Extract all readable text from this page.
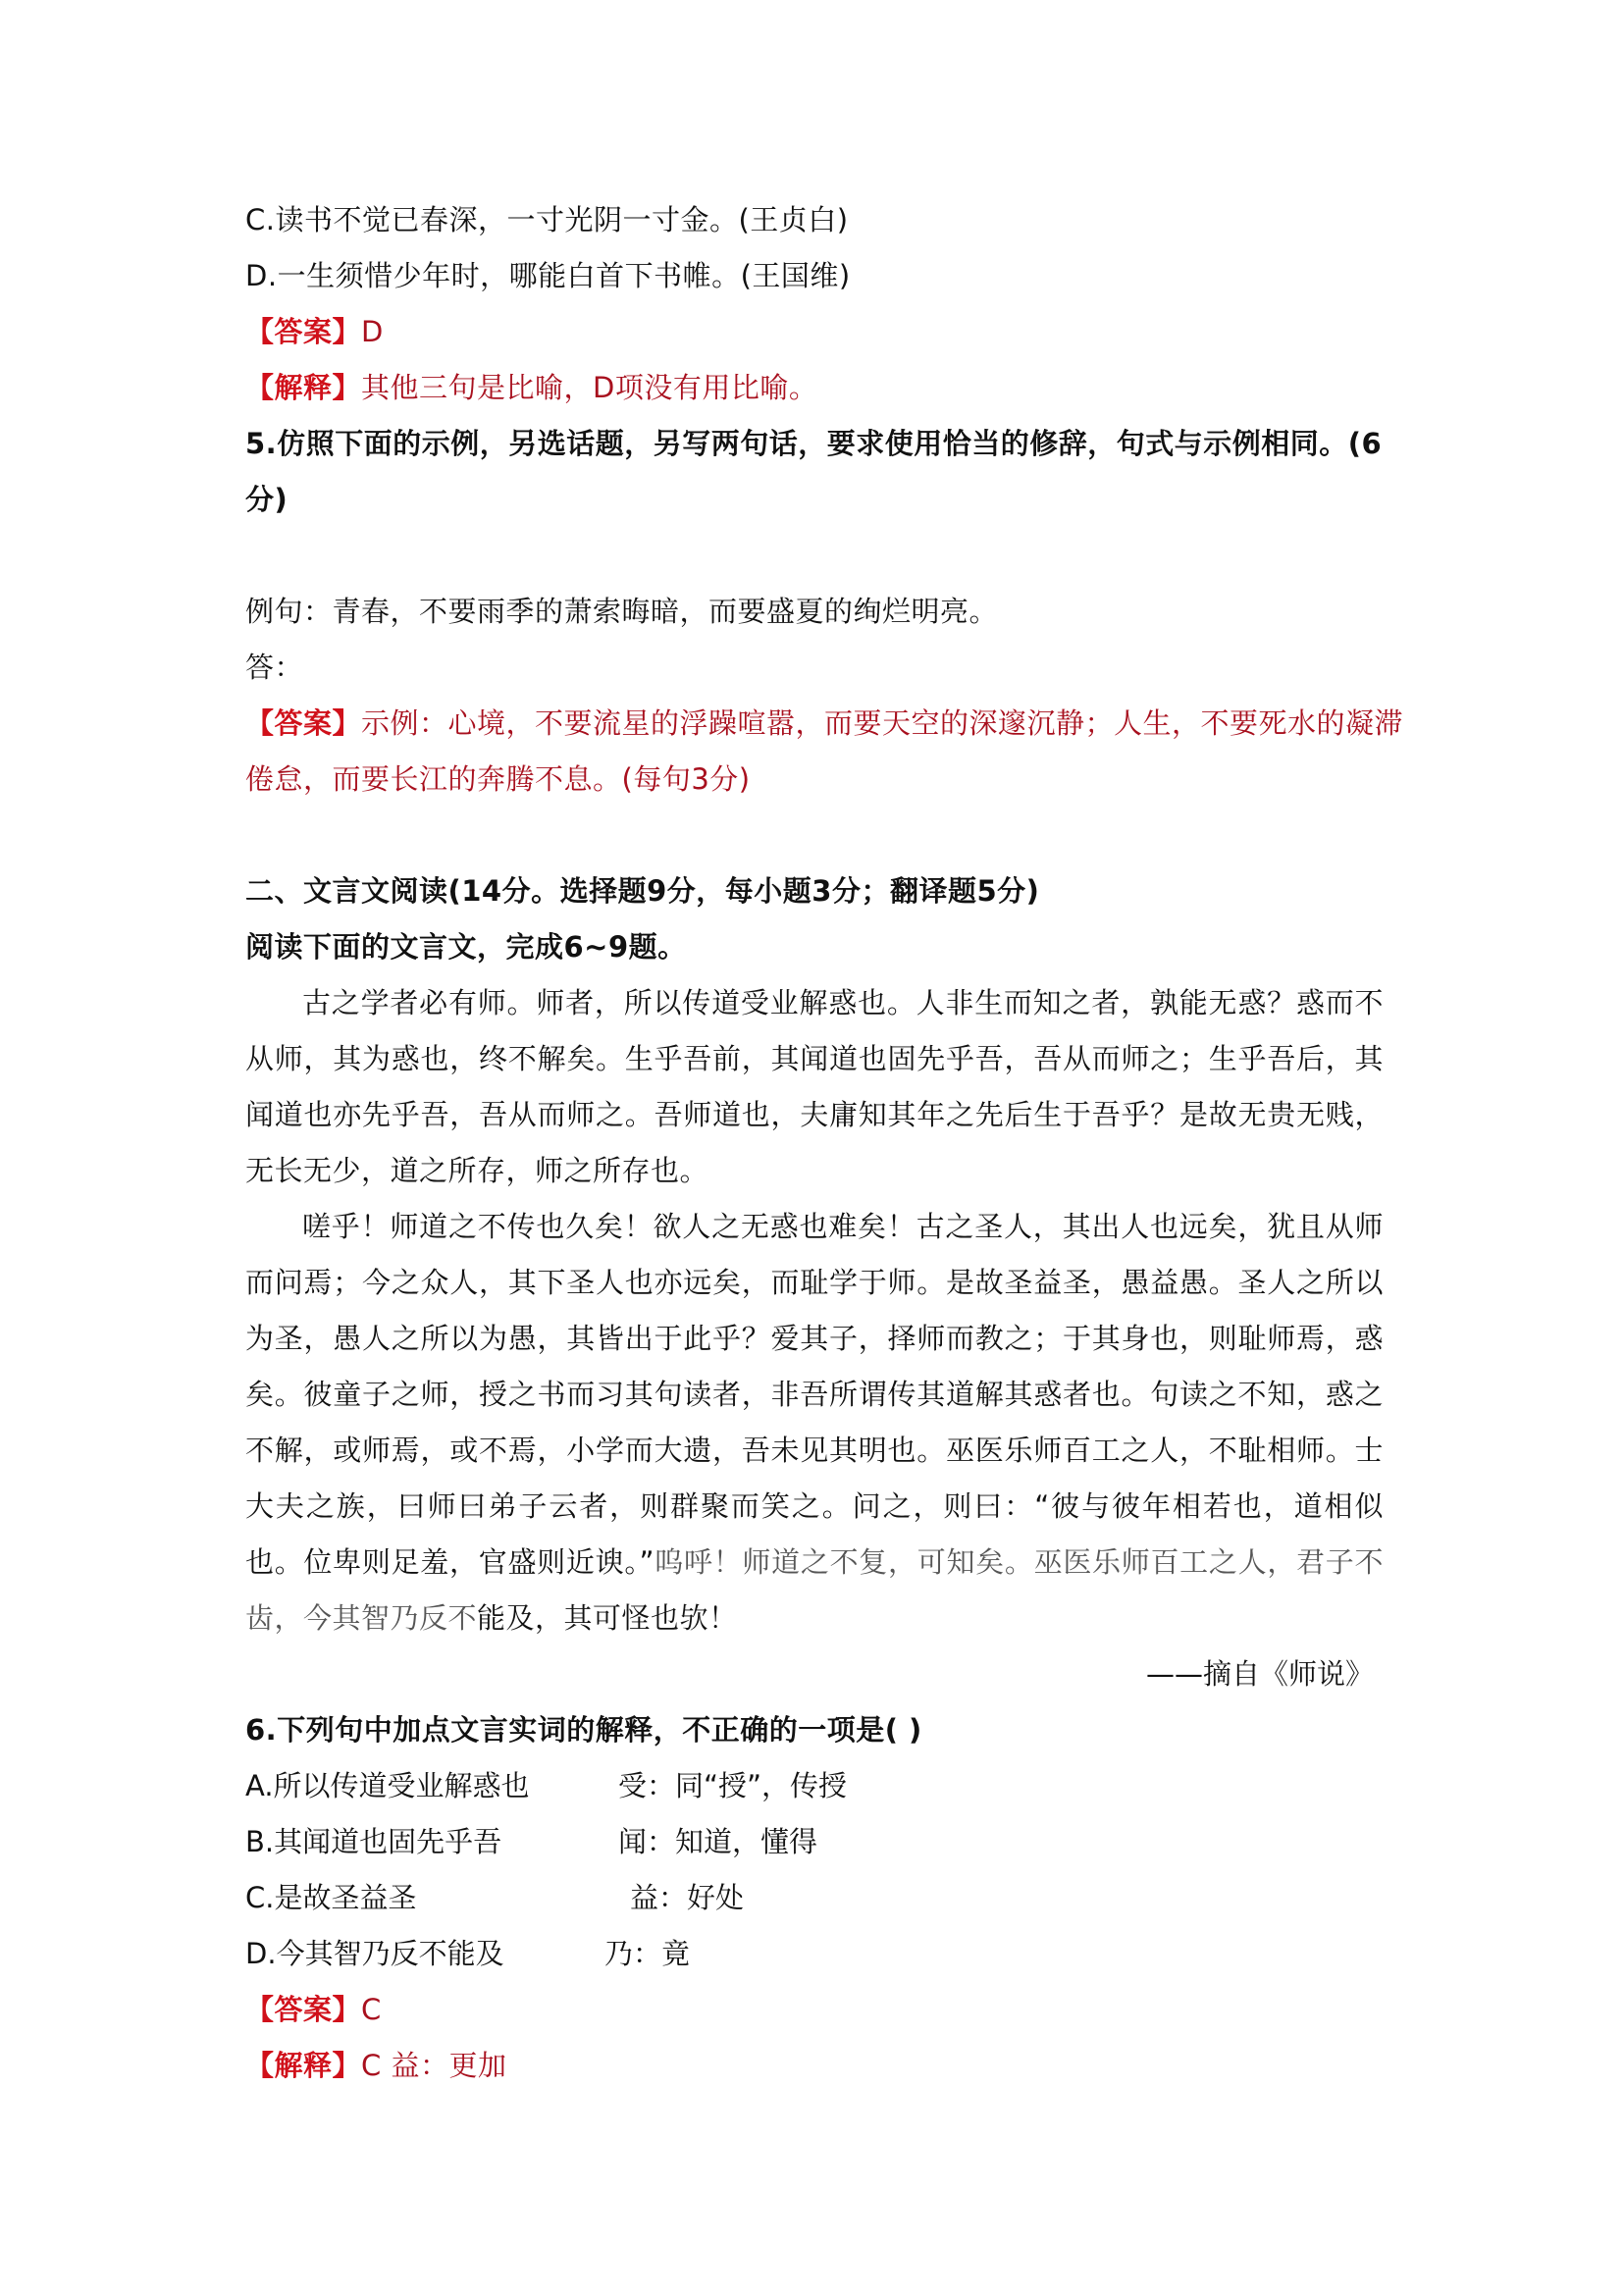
C.读书不觉已春深，一寸光阴一寸金。(王贞白)
D.一生须惜少年时，哪能白首下书帷。(王国维)
【答案】D
【解释】其他三句是比喻，D项没有用比喻。
5.仿照下面的示例，另选话题，另写两句话，要求使用恰当的修辞，句式与示例相同。(6
分)
例句：青春，不要雨季的萧索晦暗，而要盛夏的绚烂明亮。
答：
【答案】示例：心境，不要流星的浮躁喧嚣，而要天空的深邃沉静；人生，不要死水的凝滞
倦怠，而要长江的奔腾不息。(每句3分)
二、文言文阅读(14分。选择题9分，每小题3分；翻译题5分)
阅读下面的文言文，完成6~9题。

古之学者必有师。师者，所以传道受业解惑也。人非生而知之者，孰能无惑？惑而不从师，其为惑也，终不解矣。生乎吾前，其闻道也固先乎吾，吾从而师之；生乎吾后，其闻道也亦先乎吾，吾从而师之。吾师道也，夫庸知其年之先后生于吾乎？是故无贵无贱，无长无少，道之所存，师之所存也。

嗟乎！师道之不传也久矣！欲人之无惑也难矣！古之圣人，其出人也远矣，犹且从师而问焉；今之众人，其下圣人也亦远矣，而耻学于师。是故圣益圣，愚益愚。圣人之所以为圣，愚人之所以为愚，其皆出于此乎？爱其子，择师而教之；于其身也，则耻师焉，惑矣。彼童子之师，授之书而习其句读者，非吾所谓传其道解其惑者也。句读之不知，惑之不解，或师焉，或不焉，小学而大遗，吾未见其明也。巫医乐师百工之人，不耻相师。士大夫之族，曰师曰弟子云者，则群聚而笑之。问之，则曰：“彼与彼年相若也，道相似也。位卑则足羞，官盛则近谀。”呜呼！师道之不复，可知矣。巫医乐师百工之人，君子不齿，今其智乃反不能及，其可怪也欤！

——摘自《师说》
6.下列句中加点文言实词的解释，不正确的一项是( )
A.所以传道受业解惑也	受：同“授”，传授
B.其闻道也固先乎吾	闻：知道，懂得
C.是故圣益圣	益：好处
D.今其智乃反不能及	乃：竟
【答案】C
【解释】C 益：更加
